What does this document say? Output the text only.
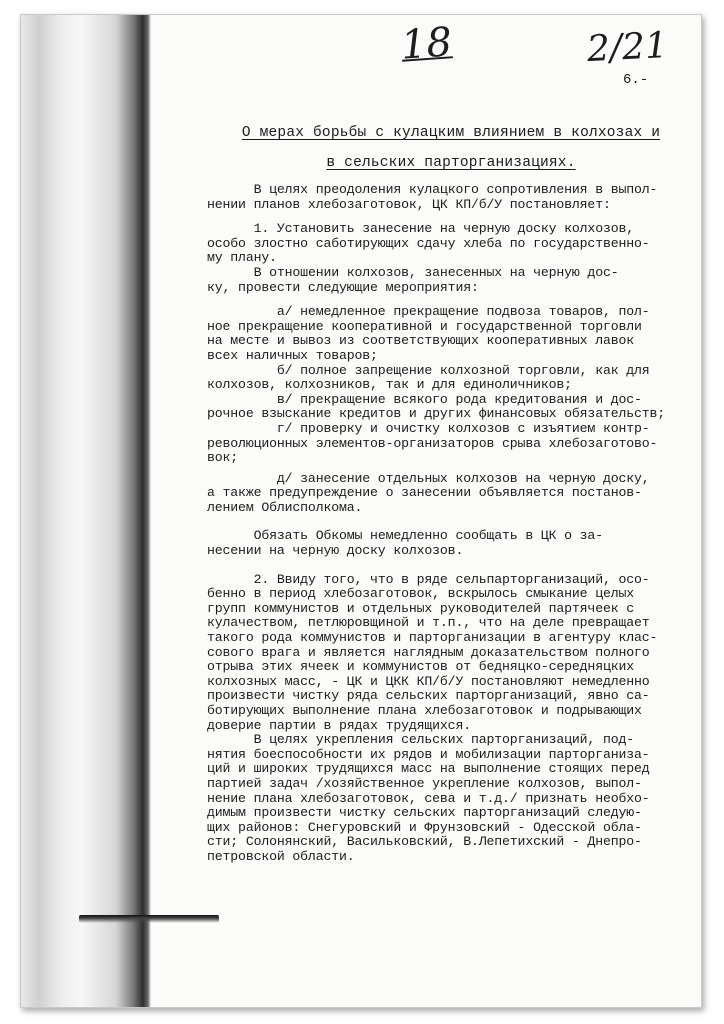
18	2/21
6.-
О мерах борьбы с кулацким влиянием в колхозах и
в сельских парторганизациях.

В целях преодоления кулацкого сопротивления в выпол-
нении планов хлебозаготовок, ЦК КП/б/У постановляет:

1. Установить занесение на черную доску колхозов,
особо злостно саботирующих сдачу хлеба по государственно-
му плану.

В отношении колхозов, занесенных на черную дос-
ку, провести следующие мероприятия:

а/ немедленное прекращение подвоза товаров, пол-
ное прекращение кооперативной и государственной торговли
на месте и вывоз из соответствующих кооперативных лавок
всех наличных товаров;

б/ полное запрещение колхозной торговли, как для
колхозов, колхозников, так и для единоличников;

в/ прекращение всякого рода кредитования и дос-
рочное взыскание кредитов и других финансовых обязательств;

г/ проверку и очистку колхозов с изъятием контр-
революционных элементов-организаторов срыва хлебозаготово-
вок;

д/ занесение отдельных колхозов на черную доску,
а также предупреждение о занесении объявляется постанов-
лением Облисполкома.

Обязать Обкомы немедленно сообщать в ЦК о за-
несении на черную доску колхозов.

2. Ввиду того, что в ряде сельпарторганизаций, осо-
бенно в период хлебозаготовок, вскрылось смыкание целых
групп коммунистов и отдельных руководителей партячеек с
кулачеством, петлюровщиной и т.п., что на деле превращает
такого рода коммунистов и парторганизации в агентуру клас-
сового врага и является наглядным доказательством полного
отрыва этих ячеек и коммунистов от бедняцко-середняцких
колхозных масс, - ЦК и ЦКК КП/б/У постановляют немедленно
произвести чистку ряда сельских парторганизаций, явно са-
ботирующих выполнение плана хлебозаготовок и подрывающих
доверие партии в рядах трудящихся.

В целях укрепления сельских парторганизаций, под-
нятия боеспособности их рядов и мобилизации парторганиза-
ций и широких трудящихся масс на выполнение стоящих перед
партией задач /хозяйственное укрепление колхозов, выпол-
нение плана хлебозаготовок, сева и т.д./ признать необхо-
димым произвести чистку сельских парторганизаций следую-
щих районов: Снегуровский и Фрунзовский - Одесской обла-
сти; Солонянский, Васильковский, В.Лепетихский - Днепро-
петровской области.
